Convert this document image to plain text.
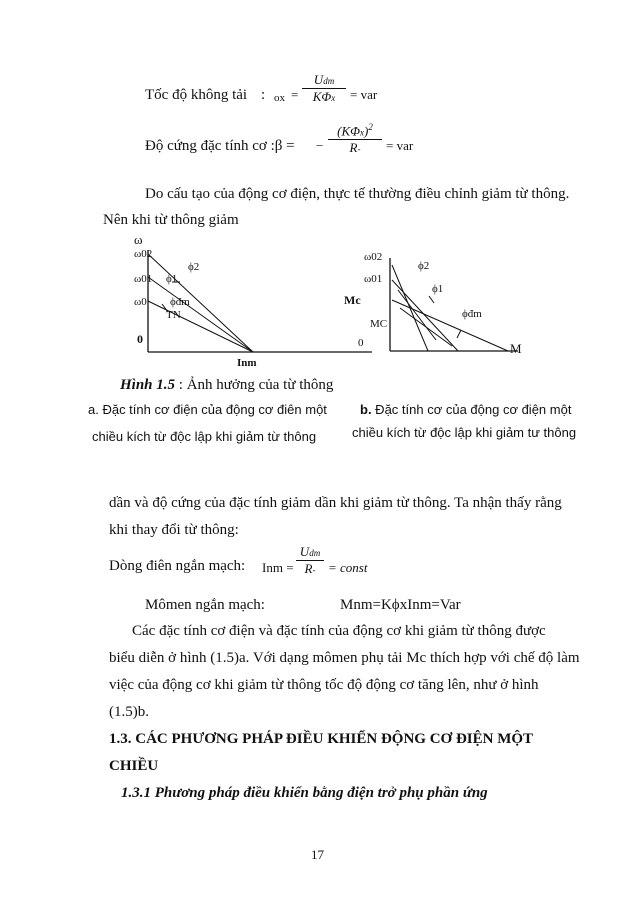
Tốc độ không tải : ox =
Udm
KΦx	= var
Độ cứng đặc tính cơ :β = −
$(K\Phi x)^2$
R-	= var
Do cấu tạo của động cơ điện, thực tế thường điều chỉnh giảm từ thông.
Nên khi từ thông giảm
ω
ω02
ω01
ω0
0
ϕ2
ϕ1
ϕđm
TN
Inm
ω02
ω01
Mc
MC
0
ϕ2
ϕ1
ϕđm
M
Hình 1.5 : Ảnh hưởng của từ thông
a. Đặc tính cơ điện của động cơ điên một
chiều kích từ độc lập khi giảm từ thông
b. Đặc tính cơ của động cơ điện một
chiều kích từ độc lập khi giảm tư thông
dần và độ cứng của đặc tính giảm dần khi giảm từ thông. Ta nhận thấy rằng
khi thay đổi từ thông:
Dòng điên ngắn mạch: Inm =
Udm
R- = const
Mômen ngắn mạch:	Mnm=KϕxInm=Var
Các đặc tính cơ điện và đặc tính của động cơ khi giảm từ thông được
biểu diễn ở hình (1.5)a. Với dạng mômen phụ tải Mc thích hợp với chế độ làm
việc của động cơ khi giảm từ thông tốc độ động cơ tăng lên, như ở hình
(1.5)b.
1.3. CÁC PHƯƠNG PHÁP ĐIỀU KHIỂN ĐỘNG CƠ ĐIỆN MỘT
CHIỀU
1.3.1 Phương pháp điều khiển bằng điện trở phụ phần ứng
17
